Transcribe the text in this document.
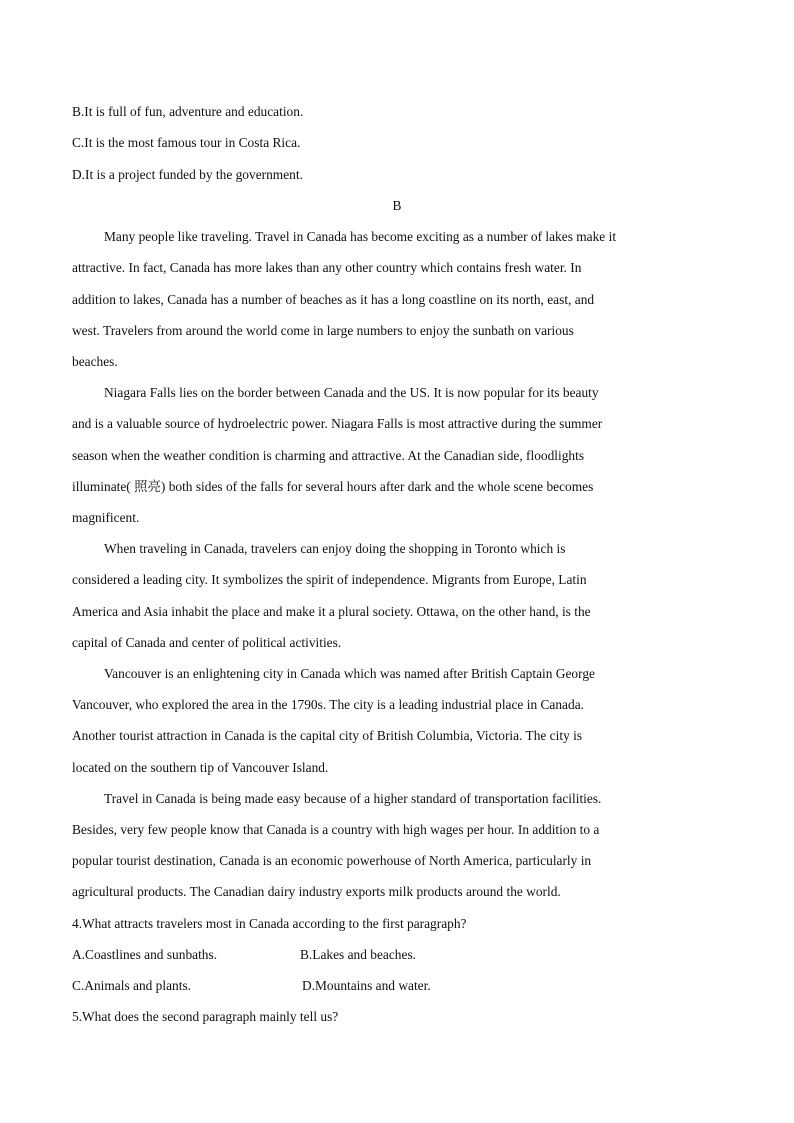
B.It is full of fun, adventure and education.
C.It is the most famous tour in Costa Rica.
D.It is a project funded by the government.
B
Many people like traveling. Travel in Canada has become exciting as a number of lakes make it
attractive. In fact, Canada has more lakes than any other country which contains fresh water. In
addition to lakes, Canada has a number of beaches as it has a long coastline on its north, east, and
west. Travelers from around the world come in large numbers to enjoy the sunbath on various
beaches.
Niagara Falls lies on the border between Canada and the US. It is now popular for its beauty
and is a valuable source of hydroelectric power. Niagara Falls is most attractive during the summer
season when the weather condition is charming and attractive. At the Canadian side, floodlights
illuminate( 照亮) both sides of the falls for several hours after dark and the whole scene becomes
magnificent.
When traveling in Canada, travelers can enjoy doing the shopping in Toronto which is
considered a leading city. It symbolizes the spirit of independence. Migrants from Europe, Latin
America and Asia inhabit the place and make it a plural society. Ottawa, on the other hand, is the
capital of Canada and center of political activities.
Vancouver is an enlightening city in Canada which was named after British Captain George
Vancouver, who explored the area in the 1790s. The city is a leading industrial place in Canada.
Another tourist attraction in Canada is the capital city of British Columbia, Victoria. The city is
located on the southern tip of Vancouver Island.
Travel in Canada is being made easy because of a higher standard of transportation facilities.
Besides, very few people know that Canada is a country with high wages per hour. In addition to a
popular tourist destination, Canada is an economic powerhouse of North America, particularly in
agricultural products. The Canadian dairy industry exports milk products around the world.
4.What attracts travelers most in Canada according to the first paragraph?
A.Coastlines and sunbaths.	B.Lakes and beaches.
C.Animals and plants.	D.Mountains and water.
5.What does the second paragraph mainly tell us?
